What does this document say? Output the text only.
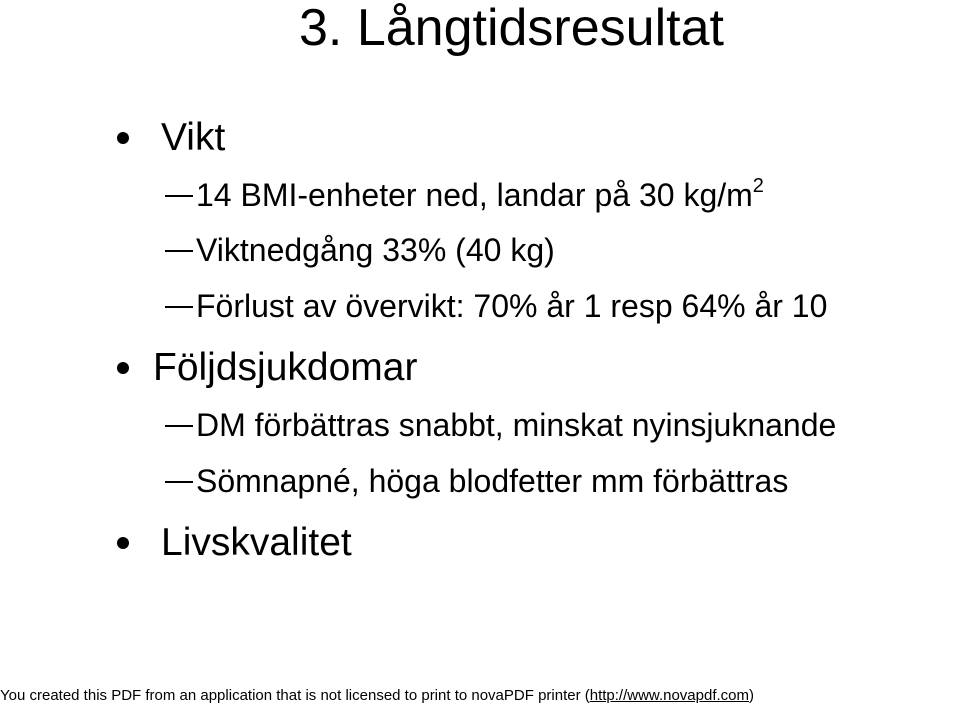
3. Långtidsresultat
Vikt
14 BMI-enheter ned, landar på 30 $kg/m^2$
Viktnedgång 33% (40 kg)
Förlust av övervikt: 70% år 1 resp 64% år 10
Följdsjukdomar
DM förbättras snabbt, minskat nyinsjuknande
Sömnapné, höga blodfetter mm förbättras
Livskvalitet
You created this PDF from an application that is not licensed to print to novaPDF printer (http://www.novapdf.com)
